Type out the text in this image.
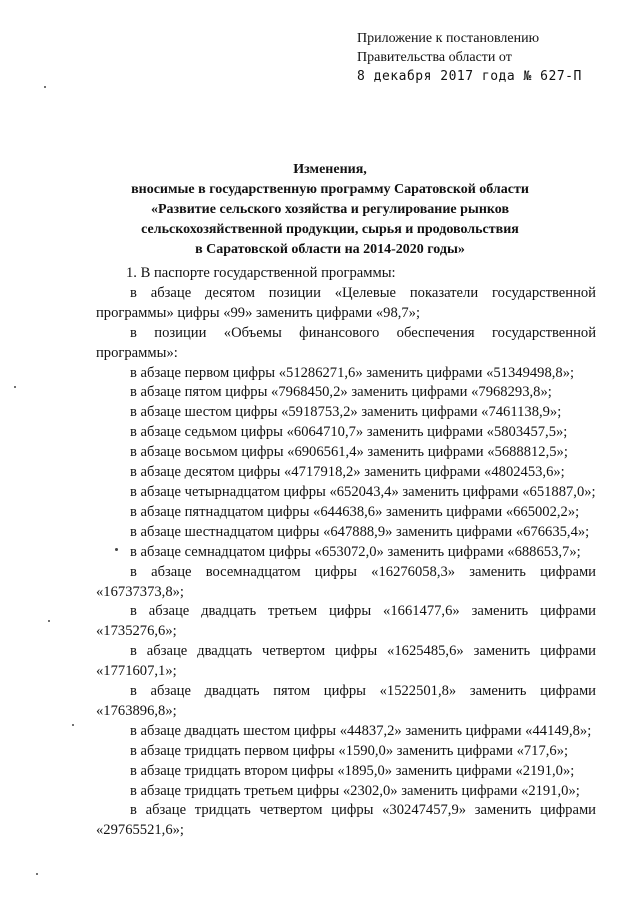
Приложение к постановлению
Правительства области от
8 декабря 2017 года № 627-П
Изменения,
вносимые в государственную программу Саратовской области
«Развитие сельского хозяйства и регулирование рынков
сельскохозяйственной продукции, сырья и продовольствия
в Саратовской области на 2014-2020 годы»

1. В паспорте государственной программы:

в абзаце десятом позиции «Целевые показатели государственной программы» цифры «99» заменить цифрами «98,7»;

в позиции «Объемы финансового обеспечения государственной программы»:

в абзаце первом цифры «51286271,6» заменить цифрами «51349498,8»;

в абзаце пятом цифры «7968450,2» заменить цифрами «7968293,8»;

в абзаце шестом цифры «5918753,2» заменить цифрами «7461138,9»;

в абзаце седьмом цифры «6064710,7» заменить цифрами «5803457,5»;

в абзаце восьмом цифры «6906561,4» заменить цифрами «5688812,5»;

в абзаце десятом цифры «4717918,2» заменить цифрами «4802453,6»;

в абзаце четырнадцатом цифры «652043,4» заменить цифрами «651887,0»;

в абзаце пятнадцатом цифры «644638,6» заменить цифрами «665002,2»;

в абзаце шестнадцатом цифры «647888,9» заменить цифрами «676635,4»;

в абзаце семнадцатом цифры «653072,0» заменить цифрами «688653,7»;

в абзаце восемнадцатом цифры «16276058,3» заменить цифрами «16737373,8»;

в абзаце двадцать третьем цифры «1661477,6» заменить цифрами «1735276,6»;

в абзаце двадцать четвертом цифры «1625485,6» заменить цифрами «1771607,1»;

в абзаце двадцать пятом цифры «1522501,8» заменить цифрами «1763896,8»;

в абзаце двадцать шестом цифры «44837,2» заменить цифрами «44149,8»;

в абзаце тридцать первом цифры «1590,0» заменить цифрами «717,6»;

в абзаце тридцать втором цифры «1895,0» заменить цифрами «2191,0»;

в абзаце тридцать третьем цифры «2302,0» заменить цифрами «2191,0»;

в абзаце тридцать четвертом цифры «30247457,9» заменить цифрами «29765521,6»;
